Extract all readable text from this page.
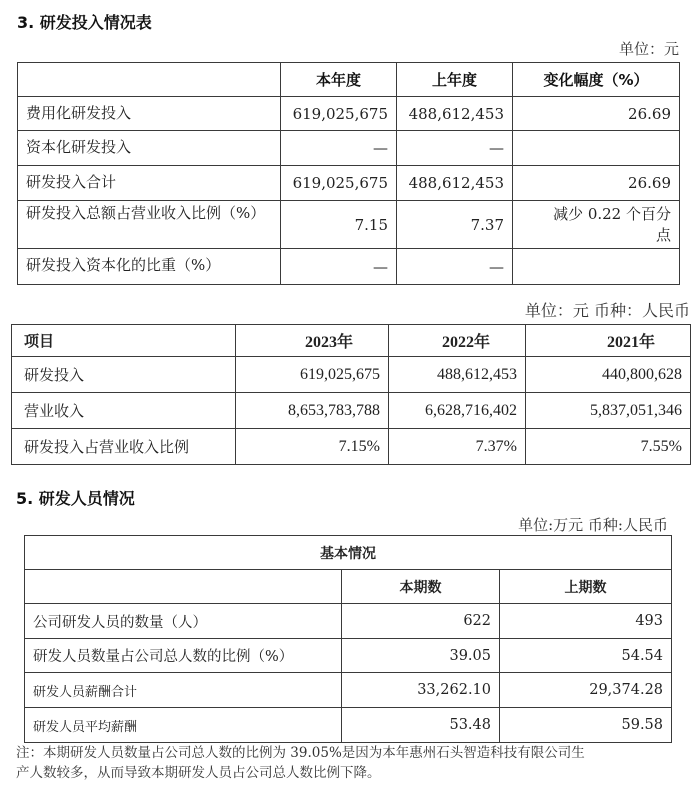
3. 研发投入情况表
单位：元
	本年度	上年度	变化幅度（%）
费用化研发投入	619,025,675	488,612,453	26.69
资本化研发投入	—	—	
研发投入合计	619,025,675	488,612,453	26.69
研发投入总额占营业收入比例（%）	7.15	7.37	减少 0.22 个百分点
研发投入资本化的比重（%）	—	—	
单位：元 币种：人民币
项目	2023年	2022年	2021年
研发投入	619,025,675	488,612,453	440,800,628
营业收入	8,653,783,788	6,628,716,402	5,837,051,346
研发投入占营业收入比例	7.15%	7.37%	7.55%
5. 研发人员情况
单位:万元 币种:人民币
基本情况		
	本期数	上期数
公司研发人员的数量（人）	622	493
研发人员数量占公司总人数的比例（%）	39.05	54.54
研发人员薪酬合计	33,262.10	29,374.28
研发人员平均薪酬	53.48	59.58
注：本期研发人员数量占公司总人数的比例为 39.05%是因为本年惠州石头智造科技有限公司生
产人数较多，从而导致本期研发人员占公司总人数比例下降。
